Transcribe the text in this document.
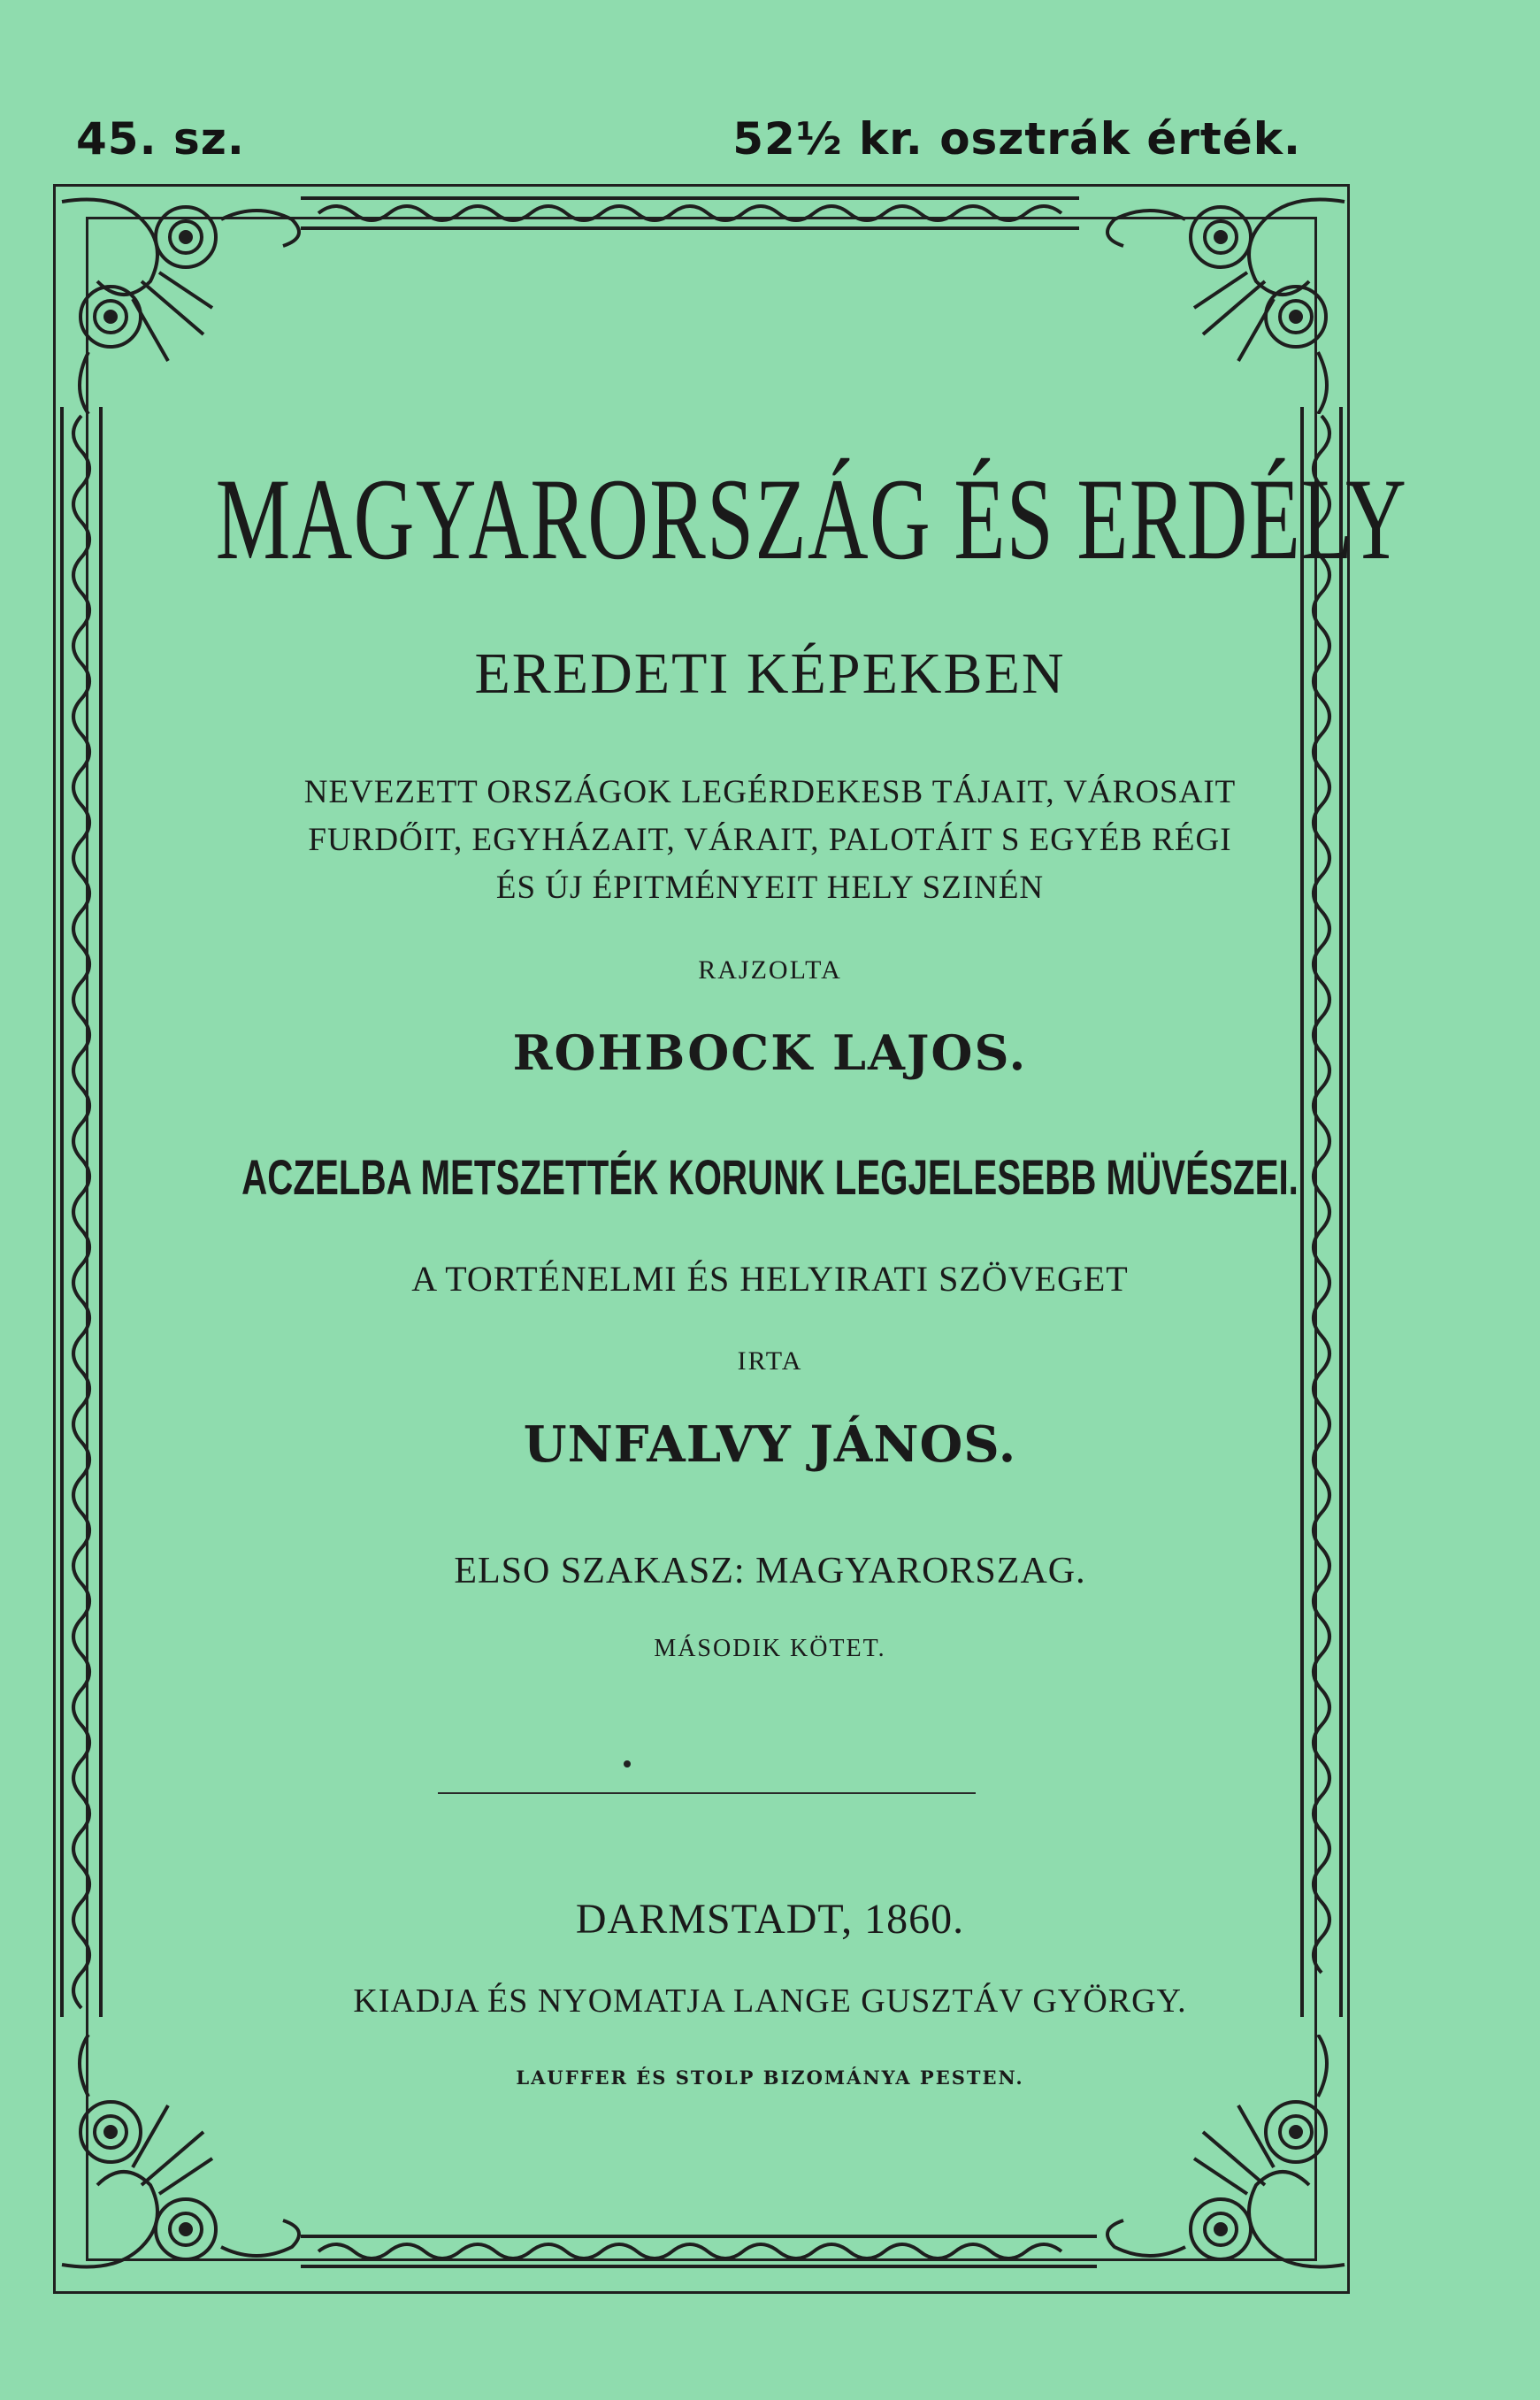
45. sz.	52½ kr. osztrák érték.

MAGYARORSZÁG ÉS ERDÉLY

EREDETI KÉPEKBEN

NEVEZETT ORSZÁGOK LEGÉRDEKESB TÁJAIT, VÁROSAIT

FURDŐIT, EGYHÁZAIT, VÁRAIT, PALOTÁIT S EGYÉB RÉGI

ÉS ÚJ ÉPITMÉNYEIT HELY SZINÉN

RAJZOLTA

ROHBOCK LAJOS.

ACZELBA METSZETTÉK KORUNK LEGJELESEBB MÜVÉSZEI.

A TORTÉNELMI ÉS HELYIRATI SZÖVEGET

IRTA

UNFALVY JÁNOS.

ELSO SZAKASZ: MAGYARORSZAG.

MÁSODIK KÖTET.

DARMSTADT, 1860.

KIADJA ÉS NYOMATJA LANGE GUSZTÁV GYÖRGY.

LAUFFER ÉS STOLP BIZOMÁNYA PESTEN.
